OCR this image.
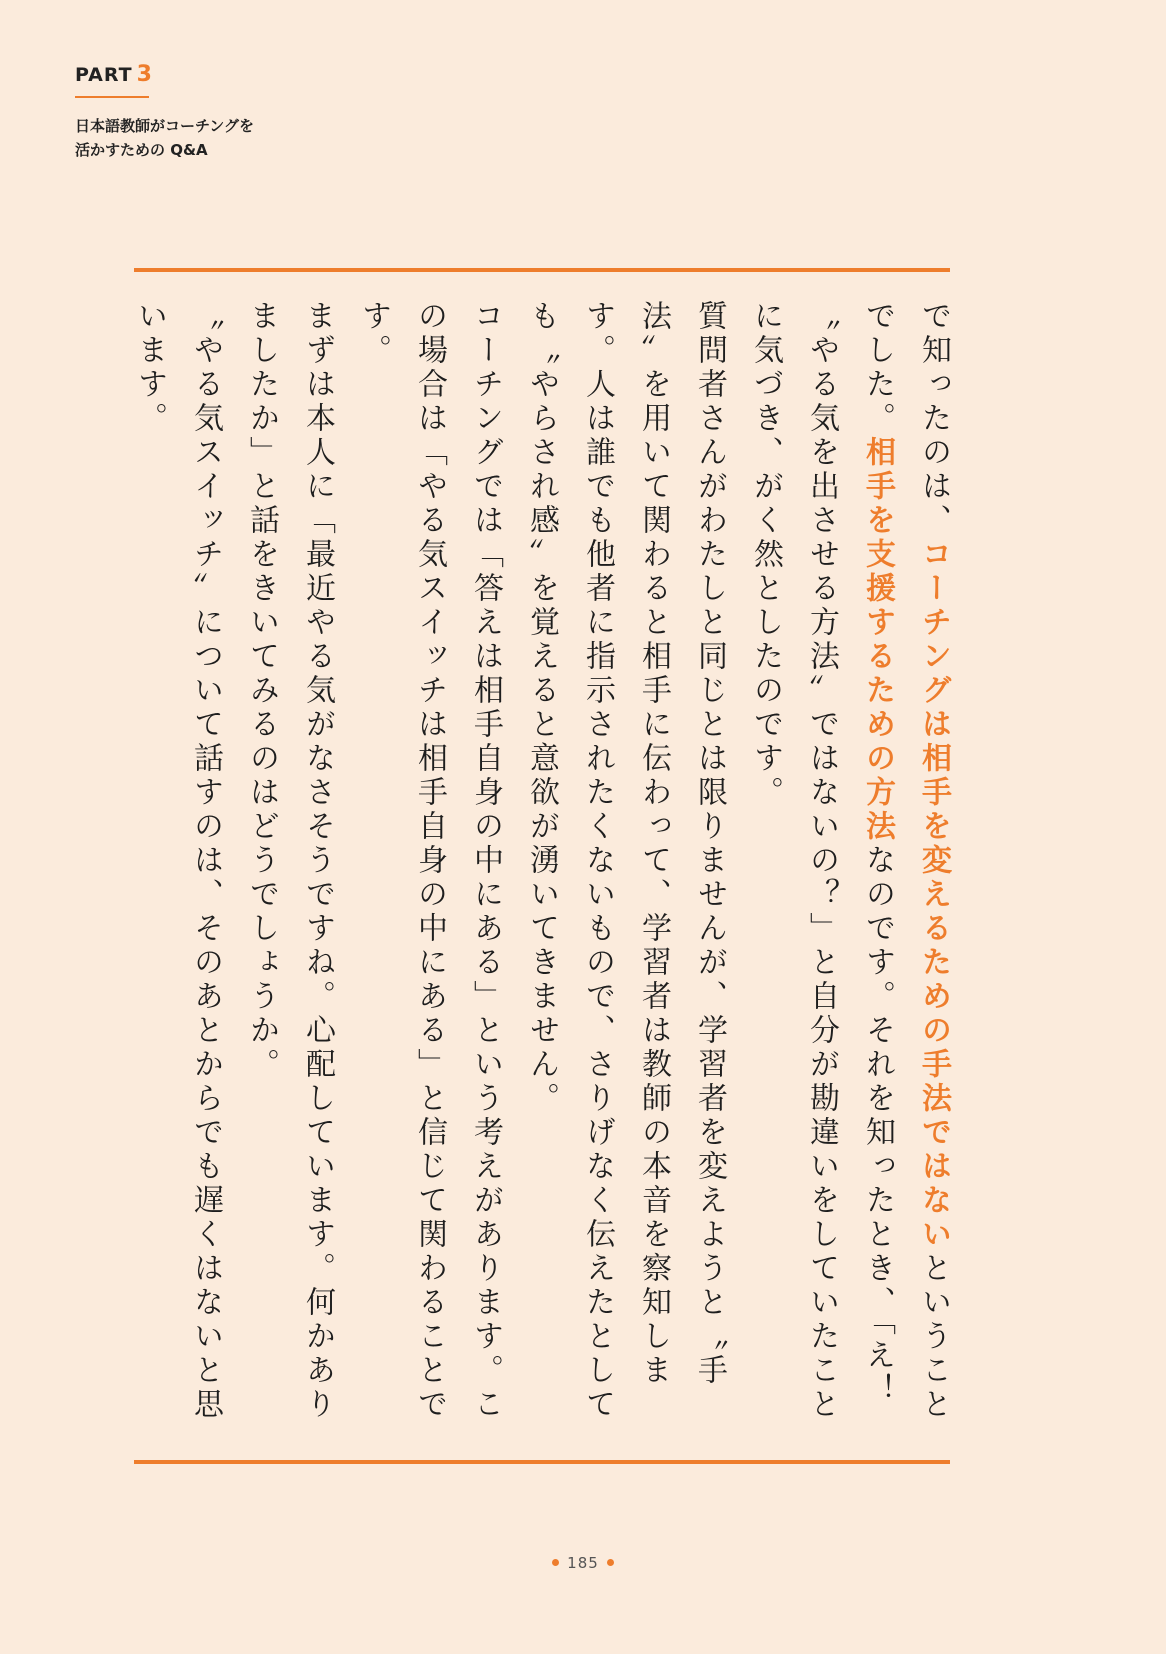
PART 3
日本語教師がコーチングを
活かすための Q&A

で知ったのは、コーチングは相手を変えるための手法ではないということでした。相手を支援するための方法なのです。それを知ったとき、「え！〝やる気を出させる方法〟ではないの？」と自分が勘違いをしていたことに気づき、がく然としたのです。

質問者さんがわたしと同じとは限りませんが、学習者を変えようと〝手法〟を用いて関わると相手に伝わって、学習者は教師の本音を察知します。人は誰でも他者に指示されたくないもので、さりげなく伝えたとしても〝やらされ感〟を覚えると意欲が湧いてきません。

コーチングでは「答えは相手自身の中にある」という考えがあります。この場合は「やる気スイッチは相手自身の中にある」と信じて関わることです。

まずは本人に「最近やる気がなさそうですね。心配しています。何かありましたか」と話をきいてみるのはどうでしょうか。

〝やる気スイッチ〟について話すのは、そのあとからでも遅くはないと思います。

185
